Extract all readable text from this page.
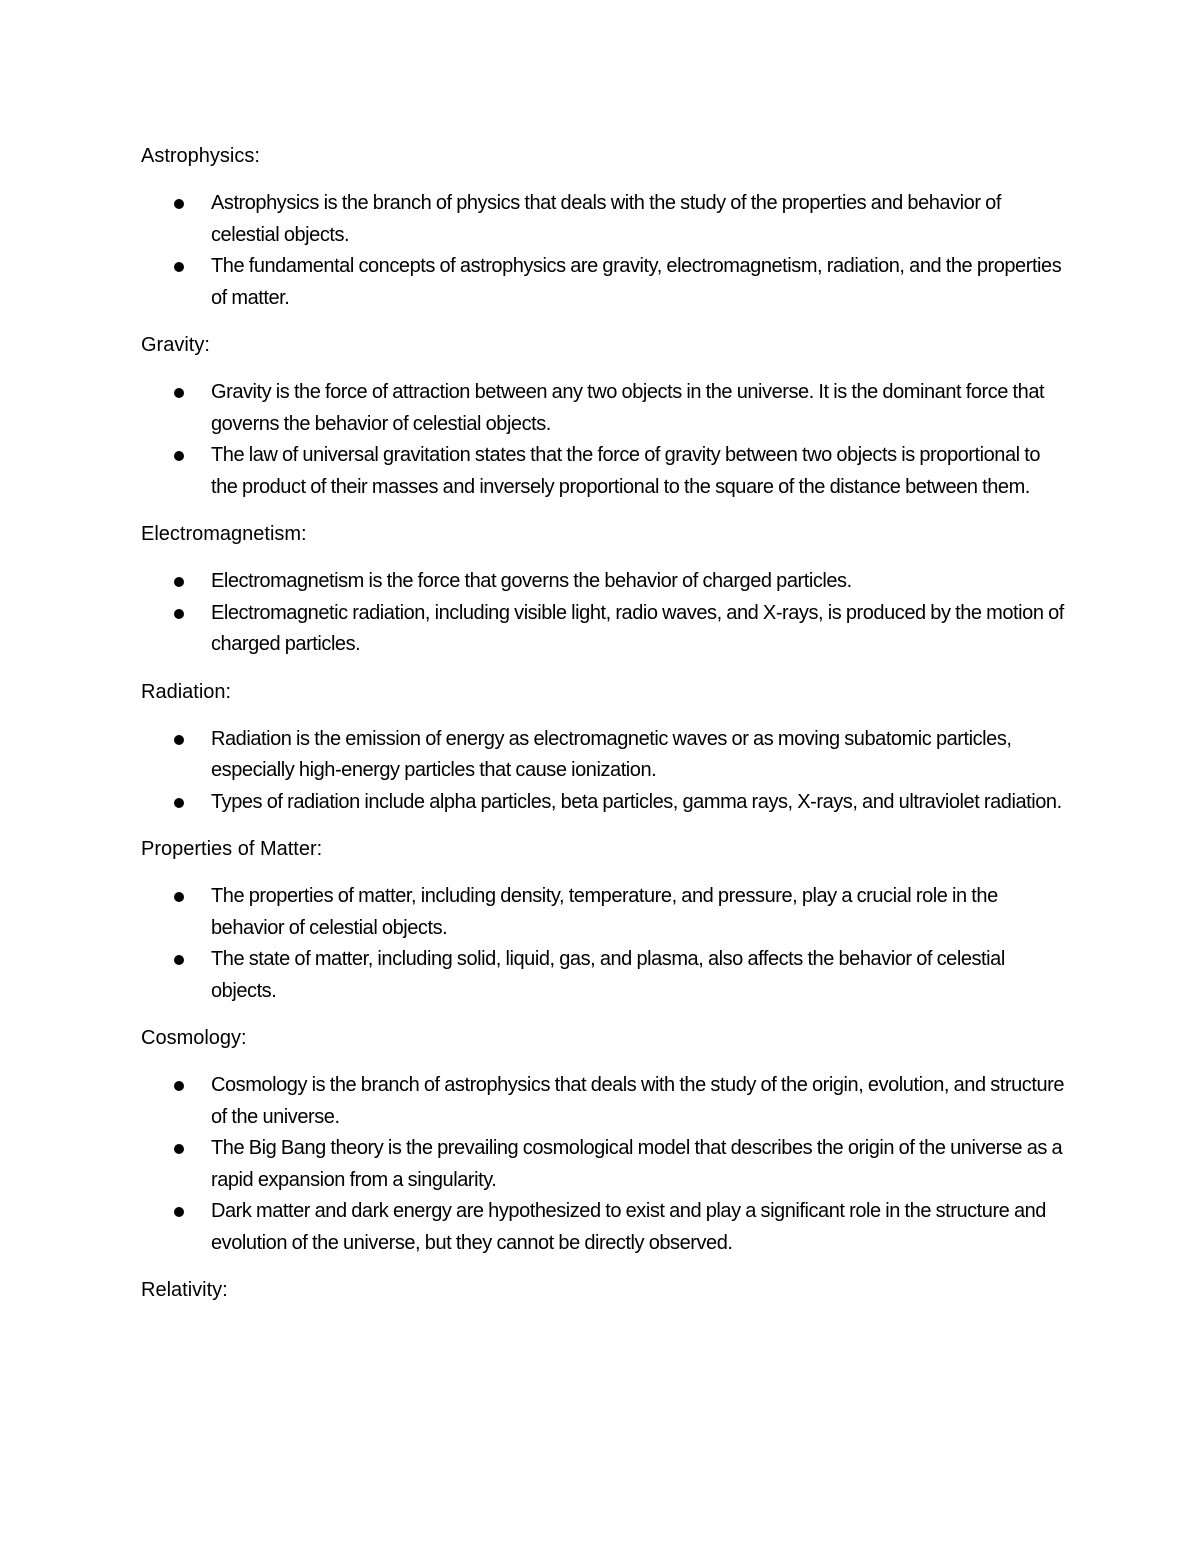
Astrophysics:
Astrophysics is the branch of physics that deals with the study of the properties and behavior of celestial objects.
The fundamental concepts of astrophysics are gravity, electromagnetism, radiation, and the properties of matter.
Gravity:
Gravity is the force of attraction between any two objects in the universe. It is the dominant force that governs the behavior of celestial objects.
The law of universal gravitation states that the force of gravity between two objects is proportional to the product of their masses and inversely proportional to the square of the distance between them.
Electromagnetism:
Electromagnetism is the force that governs the behavior of charged particles.
Electromagnetic radiation, including visible light, radio waves, and X-rays, is produced by the motion of charged particles.
Radiation:
Radiation is the emission of energy as electromagnetic waves or as moving subatomic particles, especially high-energy particles that cause ionization.
Types of radiation include alpha particles, beta particles, gamma rays, X-rays, and ultraviolet radiation.
Properties of Matter:
The properties of matter, including density, temperature, and pressure, play a crucial role in the behavior of celestial objects.
The state of matter, including solid, liquid, gas, and plasma, also affects the behavior of celestial objects.
Cosmology:
Cosmology is the branch of astrophysics that deals with the study of the origin, evolution, and structure of the universe.
The Big Bang theory is the prevailing cosmological model that describes the origin of the universe as a rapid expansion from a singularity.
Dark matter and dark energy are hypothesized to exist and play a significant role in the structure and evolution of the universe, but they cannot be directly observed.
Relativity:
